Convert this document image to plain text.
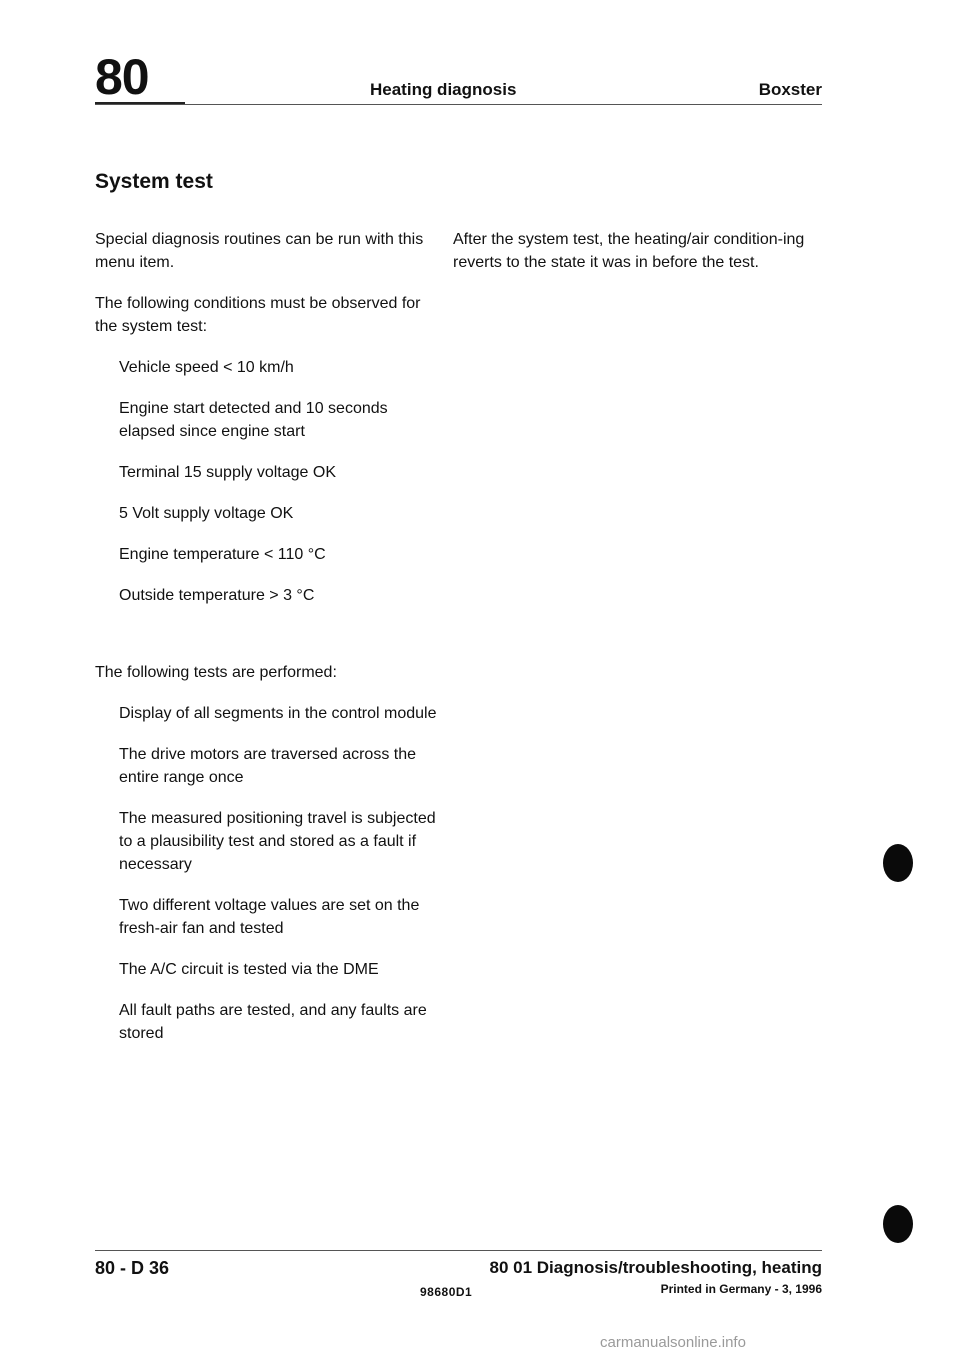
80	Heating diagnosis	Boxster
System test

Special diagnosis routines can be run with this menu item.

The following conditions must be observed for the system test:

Vehicle speed < 10 km/h
Engine start detected and 10 seconds elapsed since engine start
Terminal 15 supply voltage OK
5 Volt supply voltage OK
Engine temperature < 110 °C
Outside temperature > 3 °C

The following tests are performed:

Display of all segments in the control module
The drive motors are traversed across the entire range once
The measured positioning travel is subjected to a plausibility test and stored as a fault if necessary
Two different voltage values are set on the fresh-air fan and tested
The A/C circuit is tested via the DME
All fault paths are tested, and any faults are stored

After the system test, the heating/air condition-ing reverts to the state it was in before the test.

80 - D 36	80 01 Diagnosis/troubleshooting, heating
98680D1	Printed in Germany - 3, 1996
carmanualsonline.info
